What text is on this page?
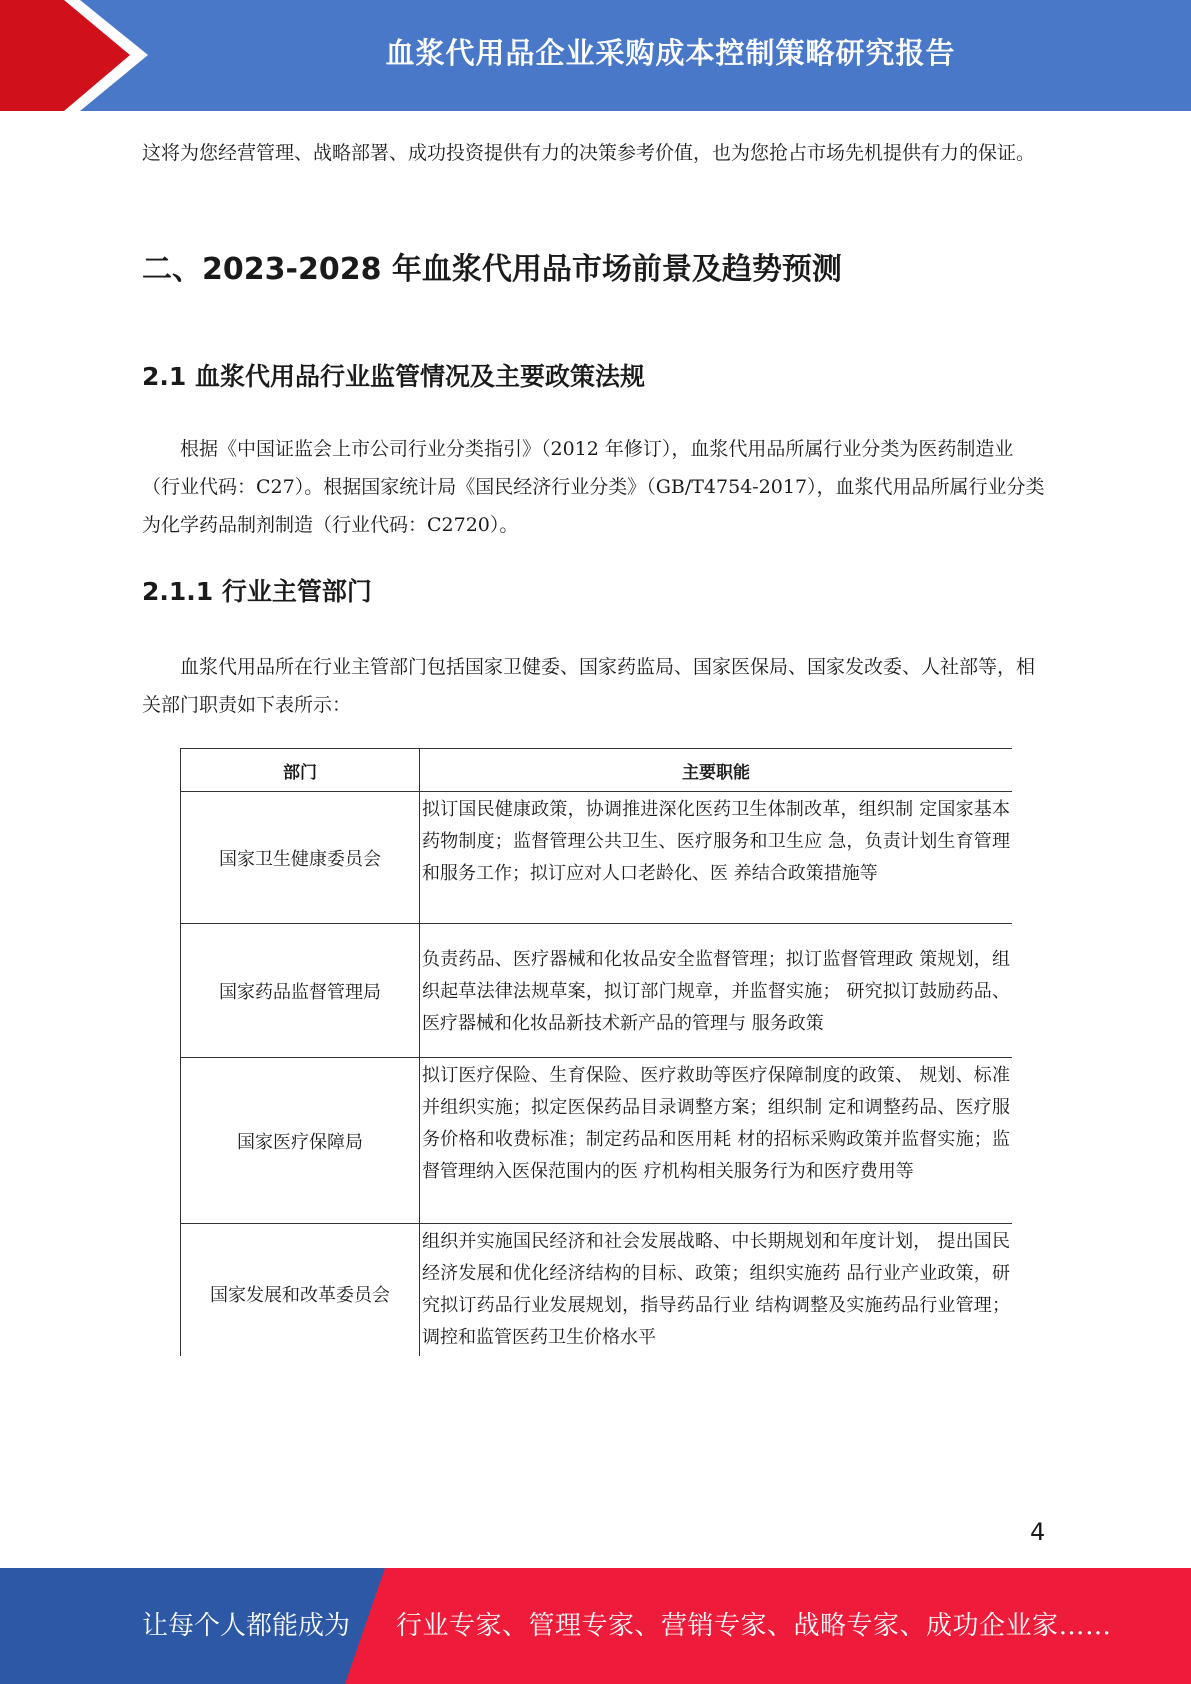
血浆代用品企业采购成本控制策略研究报告

这将为您经营管理、战略部署、成功投资提供有力的决策参考价值，也为您抢占市场先机提供有力的保证。

二、2023-2028 年血浆代用品市场前景及趋势预测
2.1 血浆代用品行业监管情况及主要政策法规

根据《中国证监会上市公司行业分类指引》（2012 年修订），血浆代用品所属行业分类为医药制造业（行业代码：C27）。根据国家统计局《国民经济行业分类》（GB/T4754-2017），血浆代用品所属行业分类为化学药品制剂制造（行业代码：C2720）。

2.1.1 行业主管部门

血浆代用品所在行业主管部门包括国家卫健委、国家药监局、国家医保局、国家发改委、人社部等，相关部门职责如下表所示：

部门	主要职能
国家卫生健康委员会	拟订国民健康政策，协调推进深化医药卫生体制改革，组织制 定国家基本药物制度；监督管理公共卫生、医疗服务和卫生应 急，负责计划生育管理和服务工作；拟订应对人口老龄化、医 养结合政策措施等
国家药品监督管理局	负责药品、医疗器械和化妆品安全监督管理；拟订监督管理政 策规划，组织起草法律法规草案，拟订部门规章，并监督实施； 研究拟订鼓励药品、医疗器械和化妆品新技术新产品的管理与 服务政策
国家医疗保障局	拟订医疗保险、生育保险、医疗救助等医疗保障制度的政策、 规划、标准并组织实施；拟定医保药品目录调整方案；组织制 定和调整药品、医疗服务价格和收费标准；制定药品和医用耗 材的招标采购政策并监督实施；监督管理纳入医保范围内的医 疗机构相关服务行为和医疗费用等
国家发展和改革委员会	组织并实施国民经济和社会发展战略、中长期规划和年度计划， 提出国民经济发展和优化经济结构的目标、政策；组织实施药 品行业产业政策，研究拟订药品行业发展规划，指导药品行业 结构调整及实施药品行业管理；调控和监管医药卫生价格水平
4
让每个人都能成为 行业专家、管理专家、营销专家、战略专家、成功企业家……
